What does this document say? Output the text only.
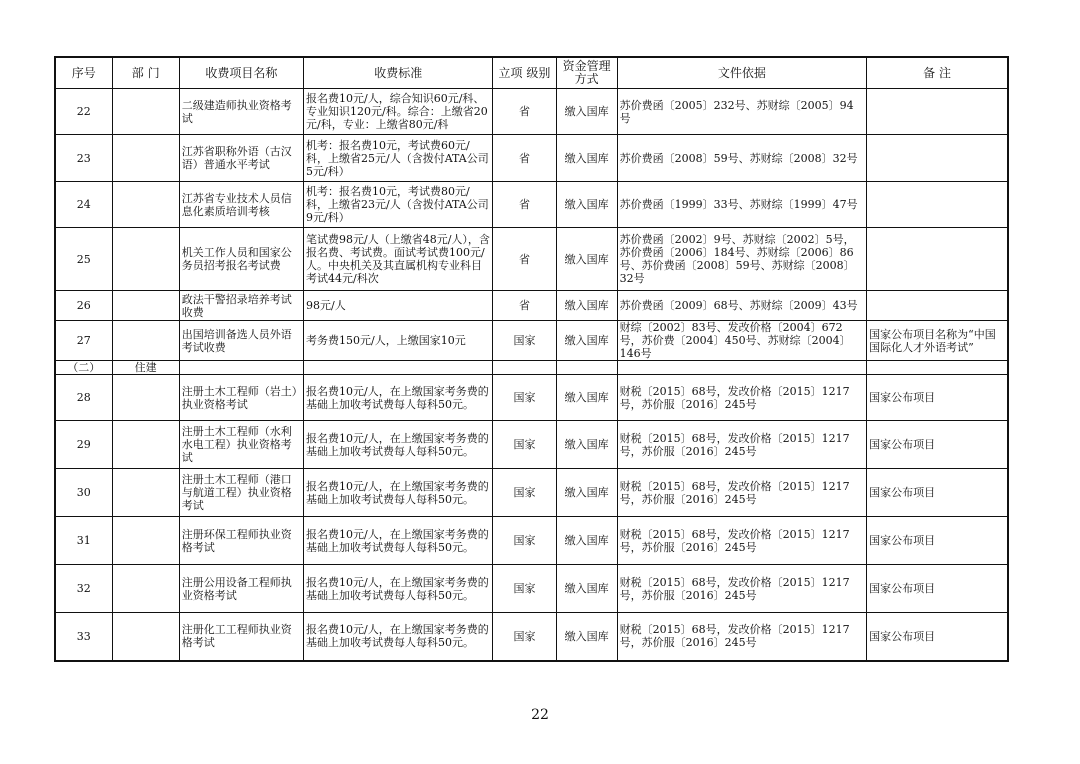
序号	部 门	收费项目名称	收费标准	立项 级别	资金管理方式	文件依据	备 注
22		二级建造师执业资格考试	报名费10元/人，综合知识60元/科、专业知识120元/科。综合：上缴省20元/科，专业：上缴省80元/科	省	缴入国库	苏价费函〔2005〕232号、苏财综〔2005〕94号	
23		江苏省职称外语（古汉语）普通水平考试	机考：报名费10元，考试费60元/科，上缴省25元/人（含拨付ATA公司5元/科）	省	缴入国库	苏价费函〔2008〕59号、苏财综〔2008〕32号	
24		江苏省专业技术人员信息化素质培训考核	机考：报名费10元，考试费80元/科，上缴省23元/人（含拨付ATA公司9元/科）	省	缴入国库	苏价费函〔1999〕33号、苏财综〔1999〕47号	
25		机关工作人员和国家公务员招考报名考试费	笔试费98元/人（上缴省48元/人），含报名费、考试费。面试考试费100元/人。中央机关及其直属机构专业科目考试44元/科次	省	缴入国库	苏价费函〔2002〕9号、苏财综〔2002〕5号，苏价费函〔2006〕184号、苏财综〔2006〕86号、苏价费函〔2008〕59号、苏财综〔2008〕32号	
26		政法干警招录培养考试收费	98元/人	省	缴入国库	苏价费函〔2009〕68号、苏财综〔2009〕43号	
27		出国培训备选人员外语考试收费	考务费150元/人，上缴国家10元	国家	缴入国库	财综〔2002〕83号、发改价格〔2004〕672号，苏价费〔2004〕450号、苏财综〔2004〕146号	国家公布项目名称为“中国国际化人才外语考试”
（二）	住建						
28		注册土木工程师（岩土）执业资格考试	报名费10元/人，在上缴国家考务费的基础上加收考试费每人每科50元。	国家	缴入国库	财税〔2015〕68号，发改价格〔2015〕1217号，苏价服〔2016〕245号	国家公布项目
29		注册土木工程师（水利水电工程）执业资格考试	报名费10元/人，在上缴国家考务费的基础上加收考试费每人每科50元。	国家	缴入国库	财税〔2015〕68号，发改价格〔2015〕1217号，苏价服〔2016〕245号	国家公布项目
30		注册土木工程师（港口与航道工程）执业资格考试	报名费10元/人，在上缴国家考务费的基础上加收考试费每人每科50元。	国家	缴入国库	财税〔2015〕68号，发改价格〔2015〕1217号，苏价服〔2016〕245号	国家公布项目
31		注册环保工程师执业资格考试	报名费10元/人，在上缴国家考务费的基础上加收考试费每人每科50元。	国家	缴入国库	财税〔2015〕68号，发改价格〔2015〕1217号，苏价服〔2016〕245号	国家公布项目
32		注册公用设备工程师执业资格考试	报名费10元/人，在上缴国家考务费的基础上加收考试费每人每科50元。	国家	缴入国库	财税〔2015〕68号，发改价格〔2015〕1217号，苏价服〔2016〕245号	国家公布项目
33		注册化工工程师执业资格考试	报名费10元/人，在上缴国家考务费的基础上加收考试费每人每科50元。	国家	缴入国库	财税〔2015〕68号，发改价格〔2015〕1217号，苏价服〔2016〕245号	国家公布项目
22
